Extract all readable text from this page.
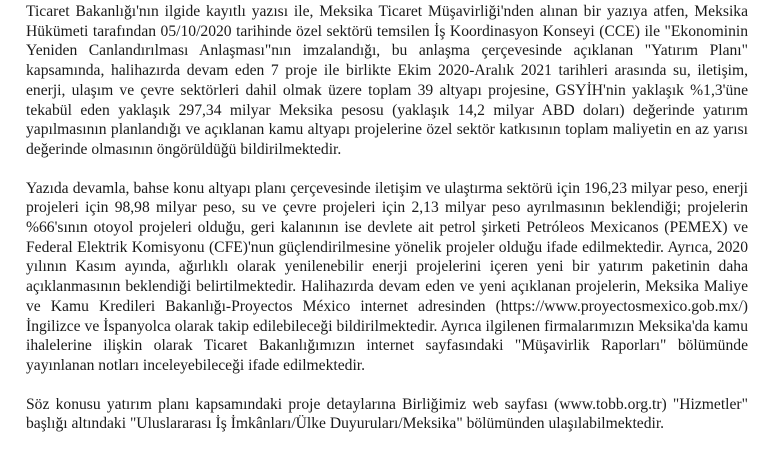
Ticaret Bakanlığı'nın ilgide kayıtlı yazısı ile, Meksika Ticaret Müşavirliği'nden alınan bir yazıya atfen, Meksika Hükümeti tarafından 05/10/2020 tarihinde özel sektörü temsilen İş Koordinasyon Konseyi (CCE) ile "Ekonominin Yeniden Canlandırılması Anlaşması"nın imzalandığı, bu anlaşma çerçevesinde açıklanan "Yatırım Planı" kapsamında, halihazırda devam eden 7 proje ile birlikte Ekim 2020-Aralık 2021 tarihleri arasında su, iletişim, enerji, ulaşım ve çevre sektörleri dahil olmak üzere toplam 39 altyapı projesine, GSYİH'nin yaklaşık %1,3'üne tekabül eden yaklaşık 297,34 milyar Meksika pesosu (yaklaşık 14,2 milyar ABD doları) değerinde yatırım yapılmasının planlandığı ve açıklanan kamu altyapı projelerine özel sektör katkısının toplam maliyetin en az yarısı değerinde olmasının öngörüldüğü bildirilmektedir.

Yazıda devamla, bahse konu altyapı planı çerçevesinde iletişim ve ulaştırma sektörü için 196,23 milyar peso, enerji projeleri için 98,98 milyar peso, su ve çevre projeleri için 2,13 milyar peso ayrılmasının beklendiği; projelerin %66'sının otoyol projeleri olduğu, geri kalanının ise devlete ait petrol şirketi Petróleos Mexicanos (PEMEX) ve Federal Elektrik Komisyonu (CFE)'nun güçlendirilmesine yönelik projeler olduğu ifade edilmektedir. Ayrıca, 2020 yılının Kasım ayında, ağırlıklı olarak yenilenebilir enerji projelerini içeren yeni bir yatırım paketinin daha açıklanmasının beklendiği belirtilmektedir. Halihazırda devam eden ve yeni açıklanan projelerin, Meksika Maliye ve Kamu Kredileri Bakanlığı-Proyectos México internet adresinden (https://www.proyectosmexico.gob.mx/) İngilizce ve İspanyolca olarak takip edilebileceği bildirilmektedir. Ayrıca ilgilenen firmalarımızın Meksika'da kamu ihalelerine ilişkin olarak Ticaret Bakanlığımızın internet sayfasındaki "Müşavirlik Raporları" bölümünde yayınlanan notları inceleyebileceği ifade edilmektedir.

Söz konusu yatırım planı kapsamındaki proje detaylarına Birliğimiz web sayfası (www.tobb.org.tr) "Hizmetler" başlığı altındaki "Uluslararası İş İmkânları/Ülke Duyuruları/Meksika" bölümünden ulaşılabilmektedir.
